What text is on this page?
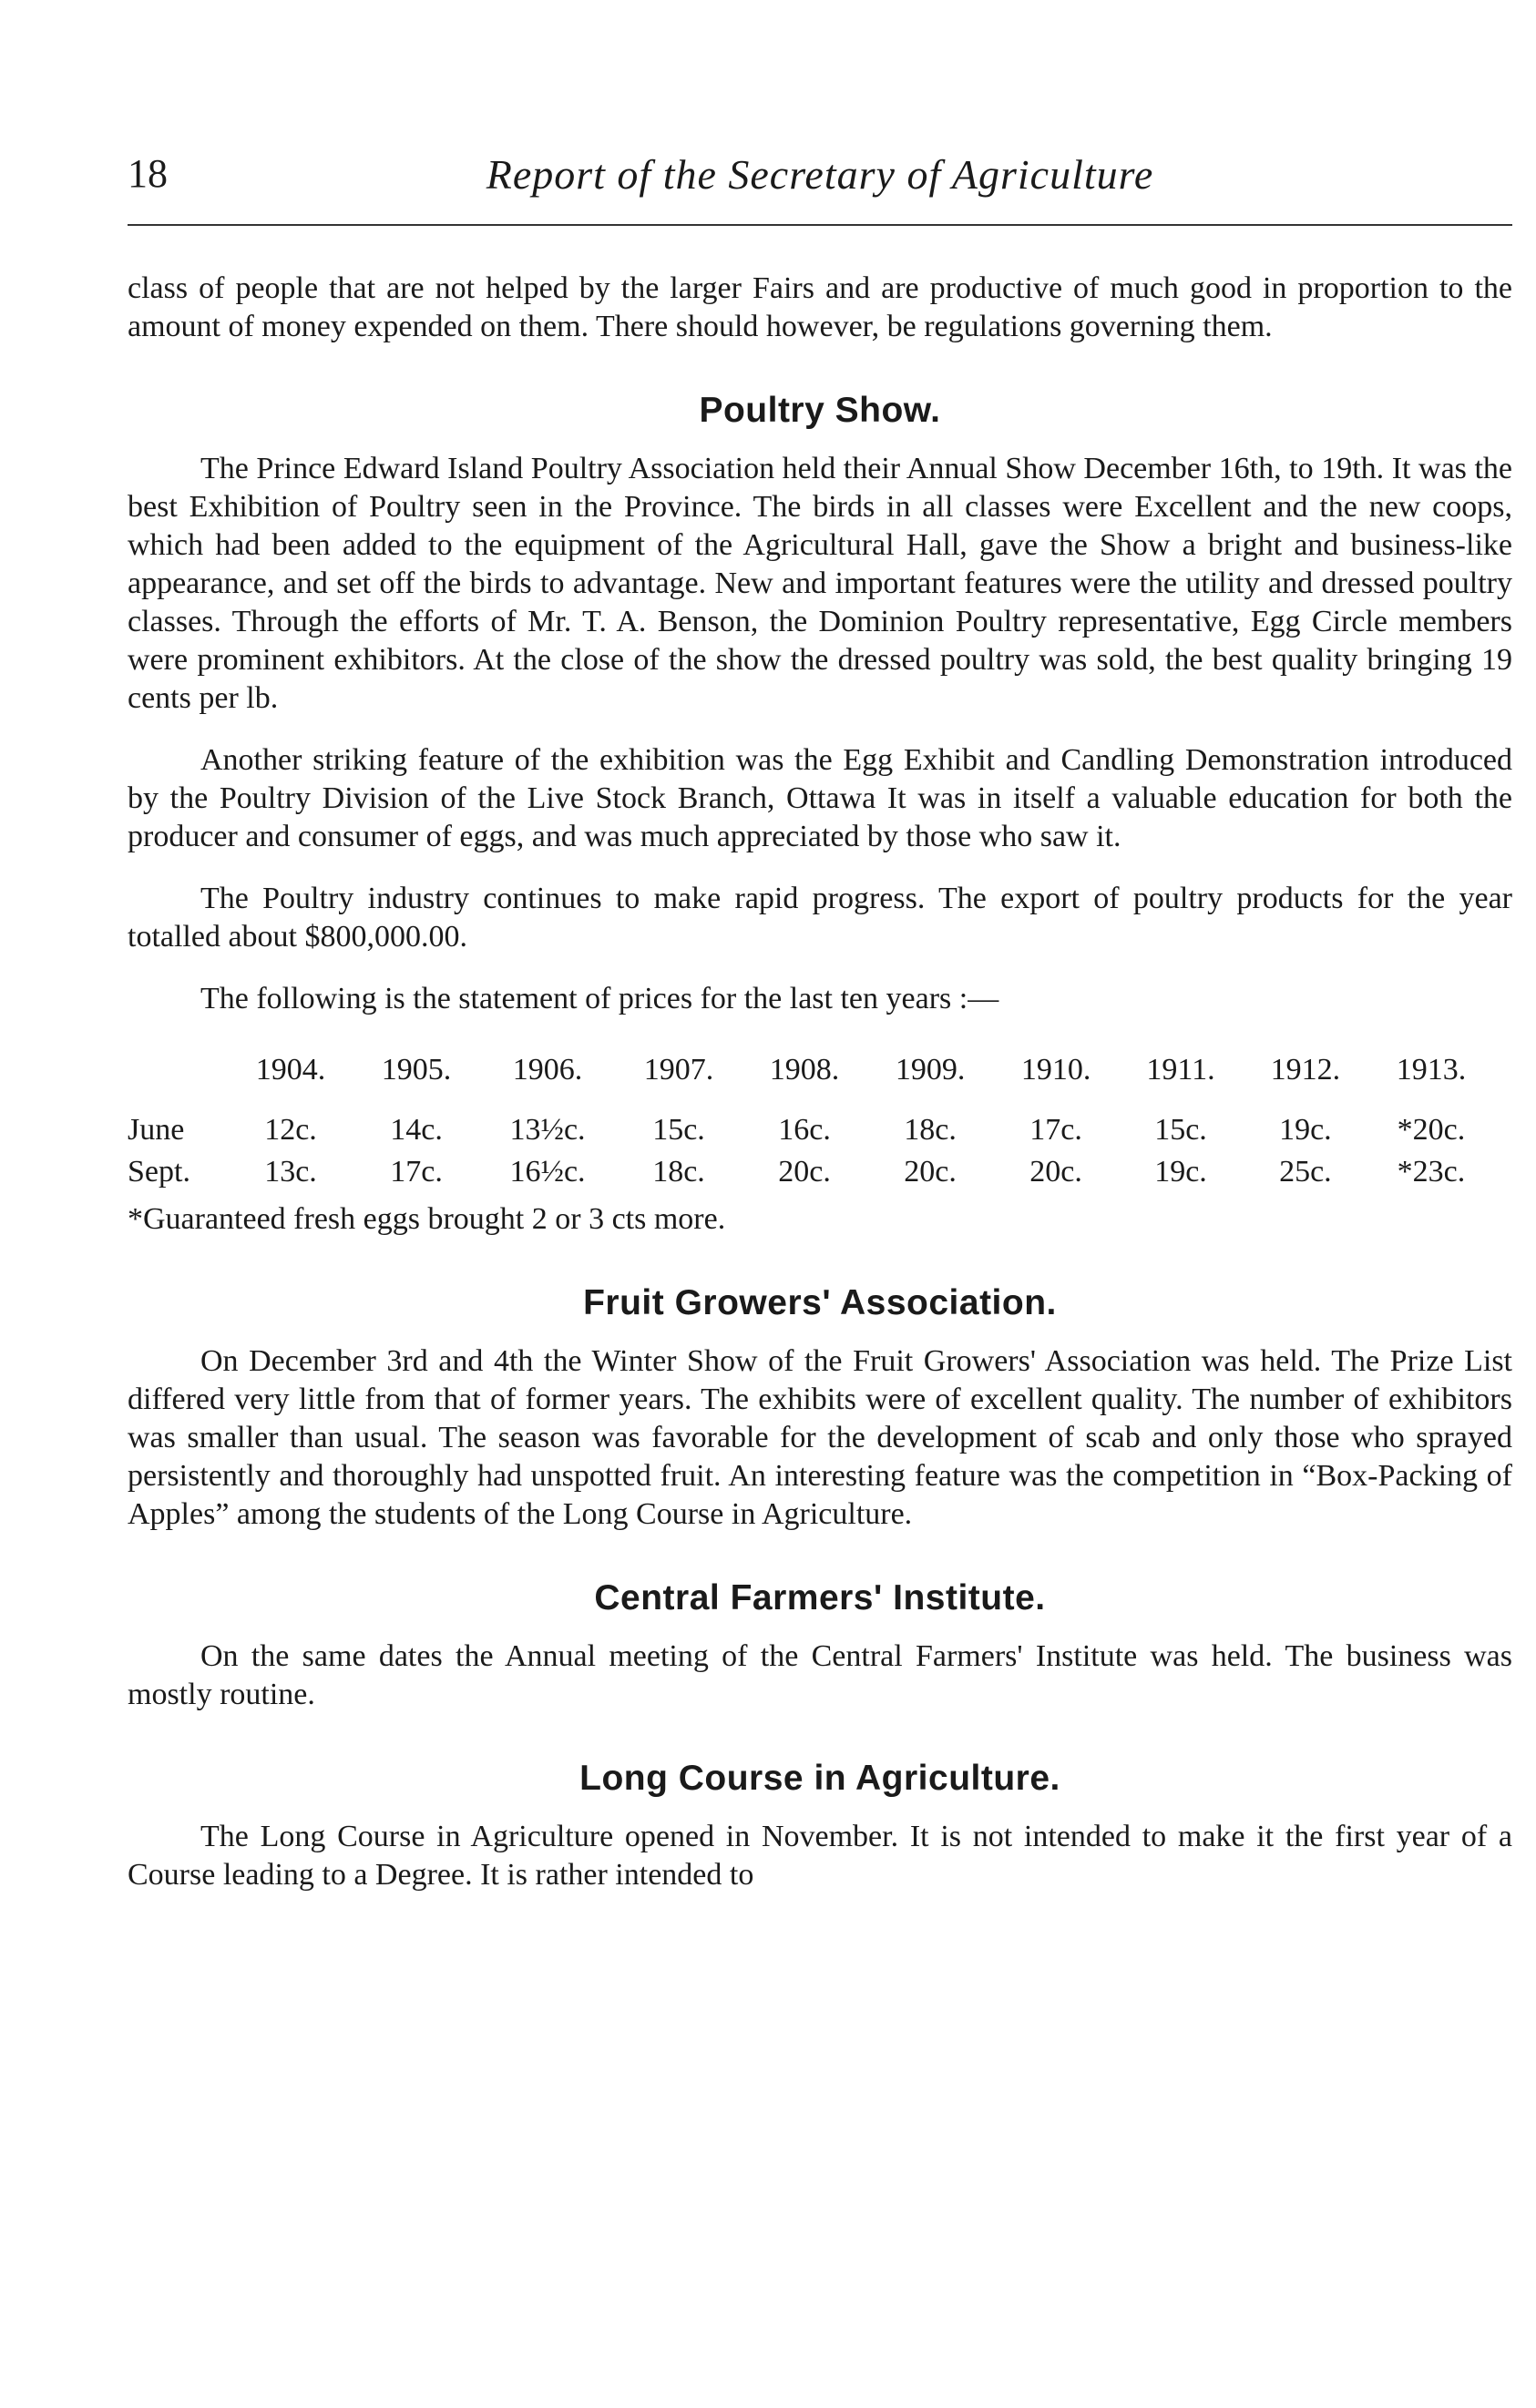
Report of the Secretary of Agriculture
18

class of people that are not helped by the larger Fairs and are productive of much good in proportion to the amount of money expended on them. There should however, be regulations governing them.

Poultry Show.

The Prince Edward Island Poultry Association held their Annual Show December 16th, to 19th. It was the best Exhibition of Poultry seen in the Province. The birds in all classes were Excellent and the new coops, which had been added to the equipment of the Agricultural Hall, gave the Show a bright and business-like appearance, and set off the birds to advantage. New and important features were the utility and dressed poultry classes. Through the efforts of Mr. T. A. Benson, the Dominion Poultry representative, Egg Circle members were prominent exhibitors. At the close of the show the dressed poultry was sold, the best quality bringing 19 cents per lb.

Another striking feature of the exhibition was the Egg Exhibit and Candling Demonstration introduced by the Poultry Division of the Live Stock Branch, Ottawa It was in itself a valuable education for both the producer and consumer of eggs, and was much appreciated by those who saw it.

The Poultry industry continues to make rapid progress. The export of poultry products for the year totalled about $800,000.00.

The following is the statement of prices for the last ten years :—

	1904.	1905.	1906.	1907.	1908.	1909.	1910.	1911.	1912.	1913.
June	12c.	14c.	13½c.	15c.	16c.	18c.	17c.	15c.	19c.	*20c.
Sept.	13c.	17c.	16½c.	18c.	20c.	20c.	20c.	19c.	25c.	*23c.

*Guaranteed fresh eggs brought 2 or 3 cts more.

Fruit Growers' Association.

On December 3rd and 4th the Winter Show of the Fruit Growers' Association was held. The Prize List differed very little from that of former years. The exhibits were of excellent quality. The number of exhibitors was smaller than usual. The season was favorable for the development of scab and only those who sprayed persistently and thoroughly had unspotted fruit. An interesting feature was the competition in “Box-Packing of Apples” among the students of the Long Course in Agriculture.

Central Farmers' Institute.

On the same dates the Annual meeting of the Central Farmers' Institute was held. The business was mostly routine.

Long Course in Agriculture.

The Long Course in Agriculture opened in November. It is not intended to make it the first year of a Course leading to a Degree. It is rather intended to
